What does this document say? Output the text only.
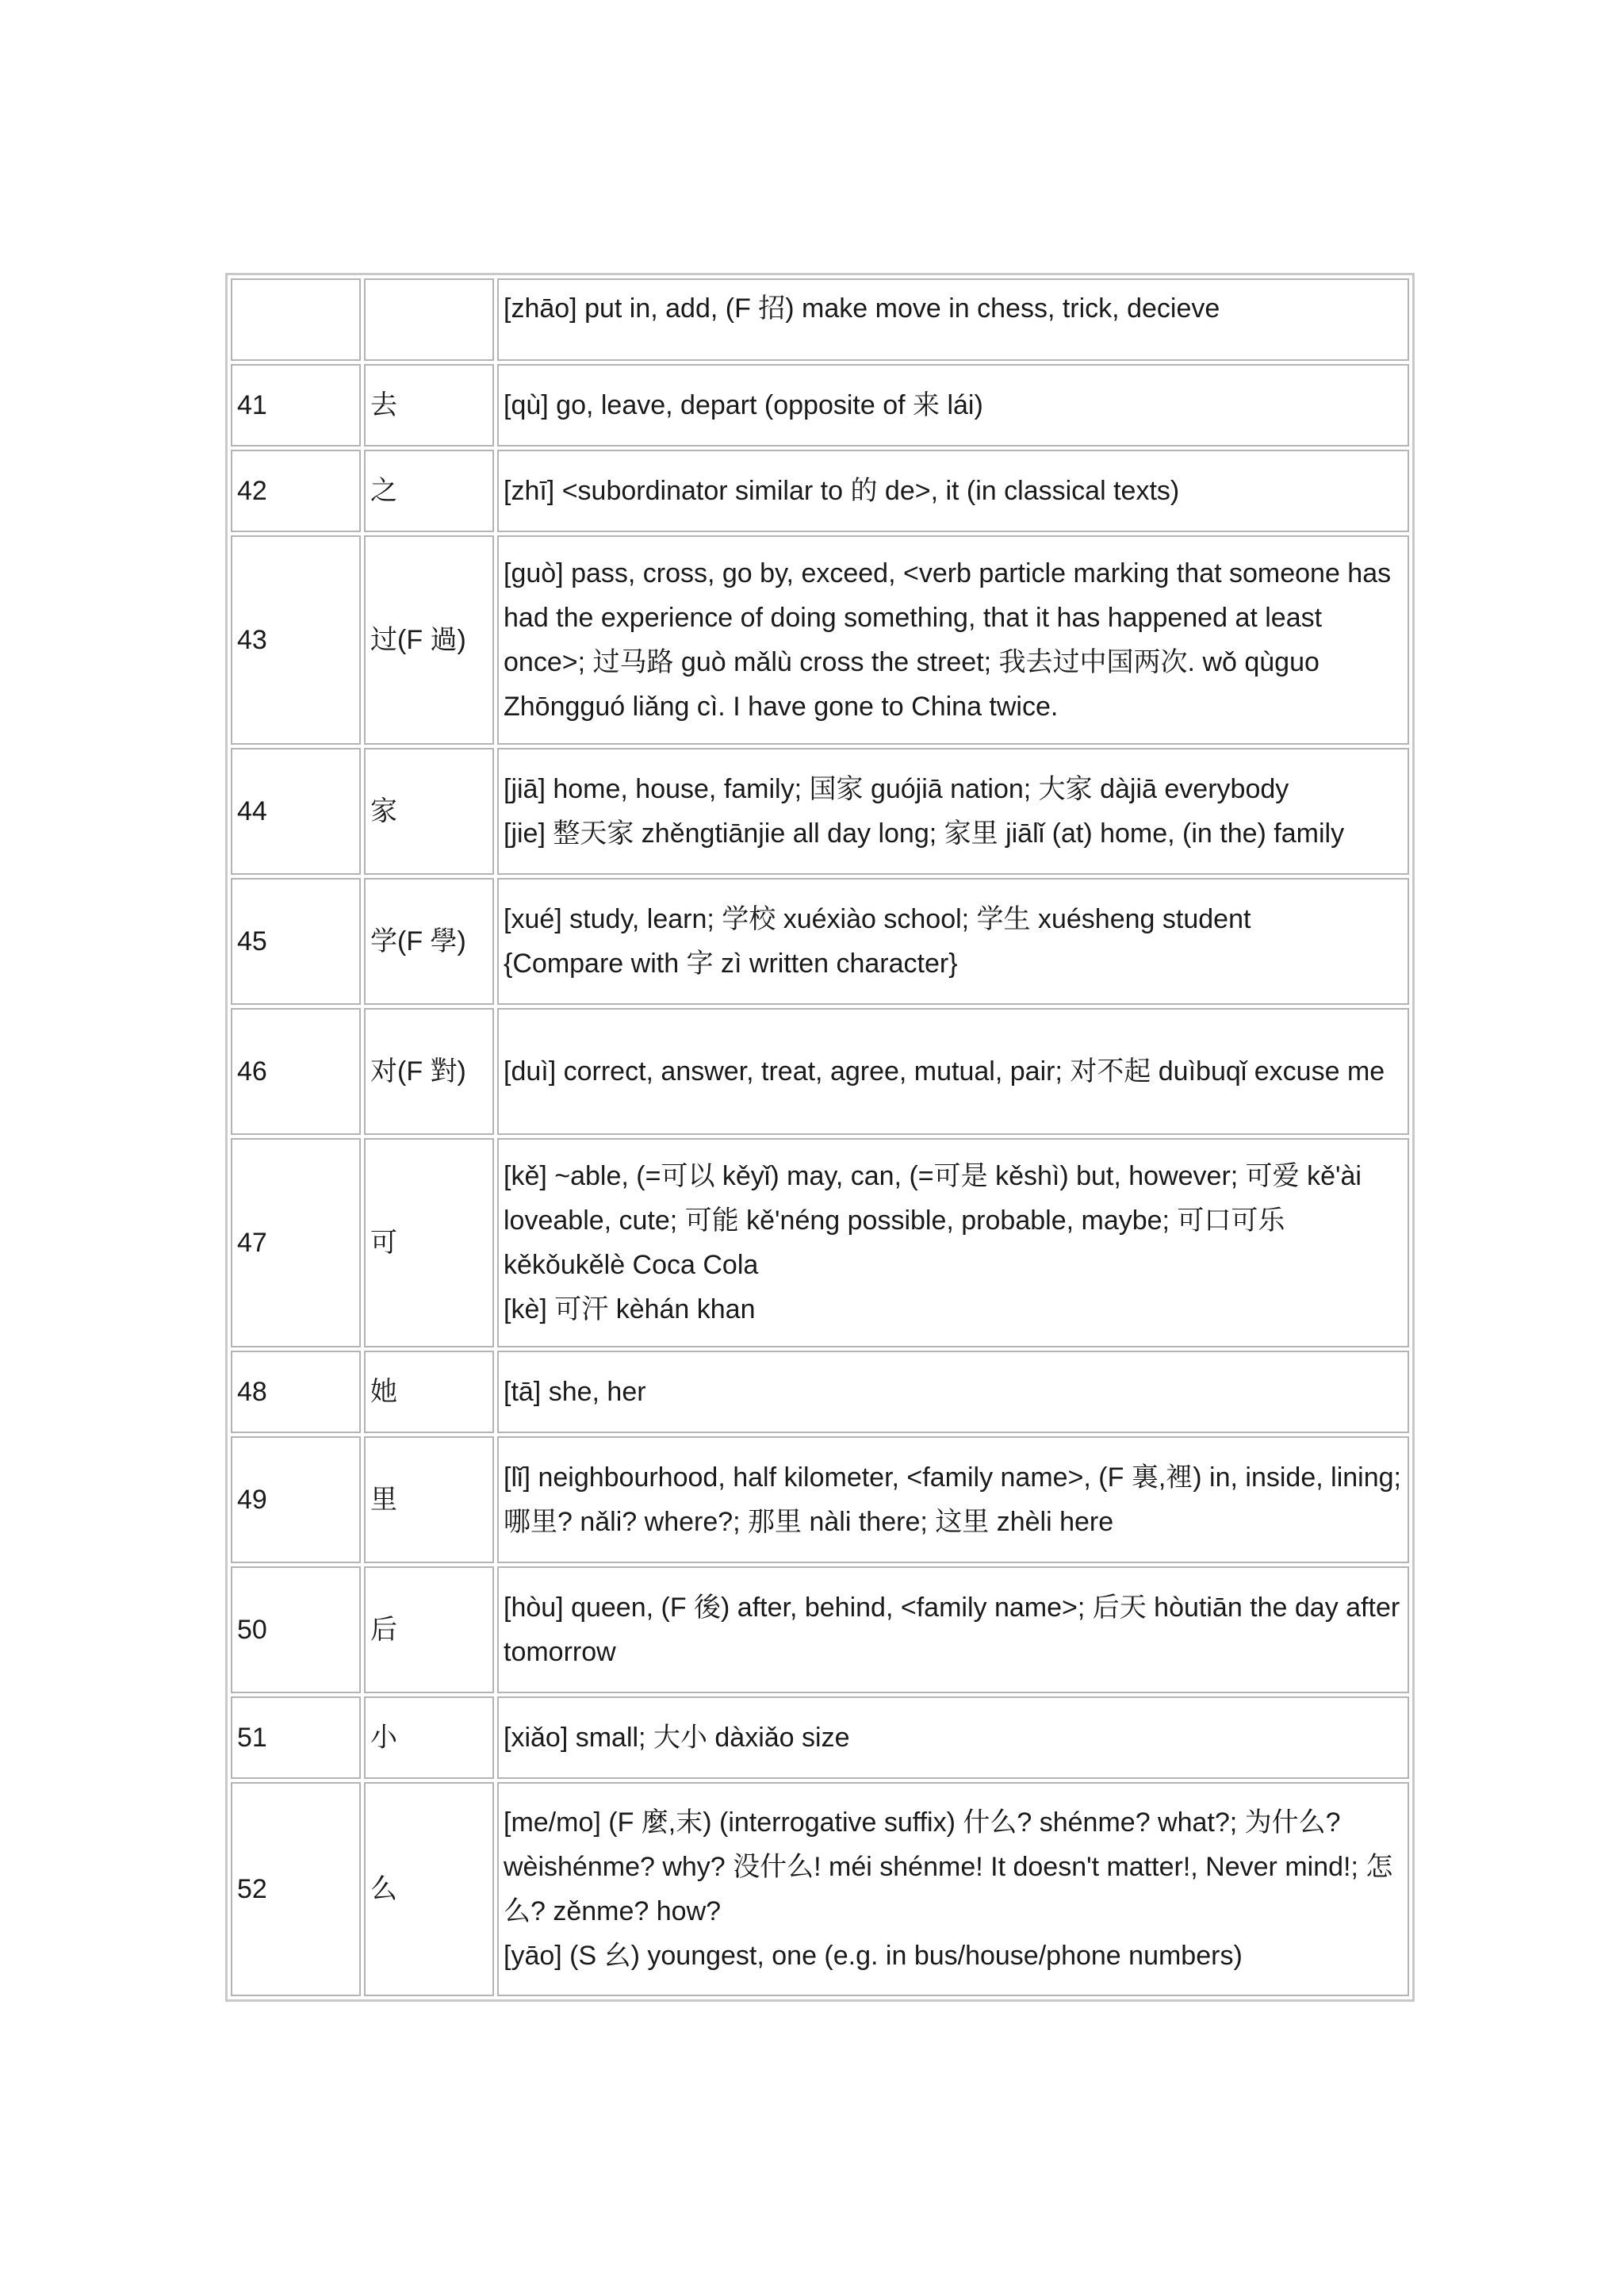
		[zhāo] put in, add, (F 招) make move in chess, trick, decieve

41	去	[qù] go, leave, depart (opposite of 来 lái)

42	之	[zhī] <subordinator similar to 的 de>, it (in classical texts)

43	过(F 過)	[guò] pass, cross, go by, exceed, <verb particle marking that someone has had the experience of doing something, that it has happened at least once>; 过马路 guò mǎlù cross the street; 我去过中国两次. wǒ qùguo Zhōngguó liǎng cì. I have gone to China twice.

44	家	[jiā] home, house, family; 国家 guójiā nation; 大家 dàjiā everybody
[jie] 整天家 zhěngtiānjie all day long; 家里 jiālǐ (at) home, (in the) family

45	学(F 學)	[xué] study, learn; 学校 xuéxiào school; 学生 xuésheng student
{Compare with 字 zì written character}

46	对(F 對)	[duì] correct, answer, treat, agree, mutual, pair; 对不起 duìbuqǐ excuse me

47	可	[kě] ~able, (=可以 kěyǐ) may, can, (=可是 kěshì) but, however; 可爱 kě'ài loveable, cute; 可能 kě'néng possible, probable, maybe; 可口可乐 kěkǒukělè Coca Cola
[kè] 可汗 kèhán khan

48	她	[tā] she, her

49	里	[lǐ] neighbourhood, half kilometer, <family name>, (F 裏,裡) in, inside, lining; 哪里? nǎli? where?; 那里 nàli there; 这里 zhèli here

50	后	[hòu] queen, (F 後) after, behind, <family name>; 后天 hòutiān the day after tomorrow

51	小	[xiǎo] small; 大小 dàxiǎo size

52	么	[me/mo] (F 麼,末) (interrogative suffix) 什么? shénme? what?; 为什么? wèishénme? why? 没什么! méi shénme! It doesn't matter!, Never mind!; 怎么? zěnme? how?
[yāo] (S 幺) youngest, one (e.g. in bus/house/phone numbers)
